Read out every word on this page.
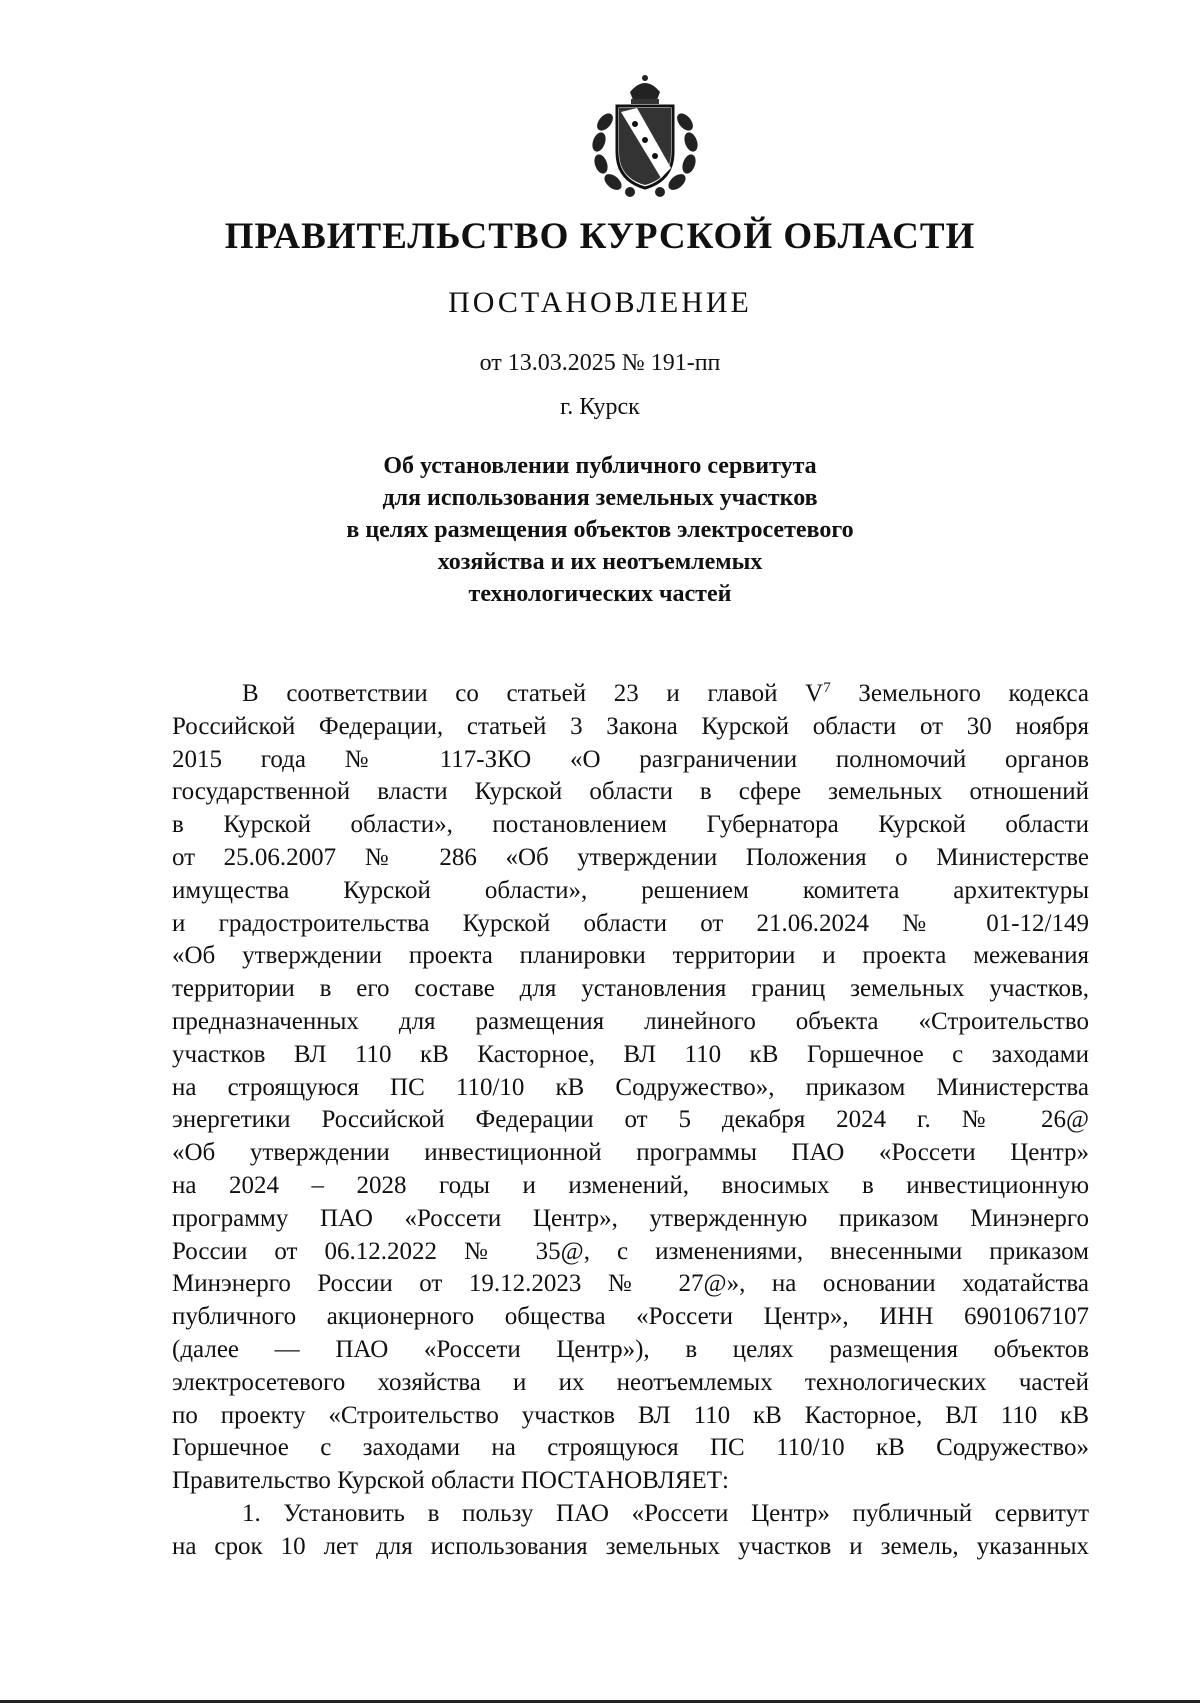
ПРАВИТЕЛЬСТВО КУРСКОЙ ОБЛАСТИ
ПОСТАНОВЛЕНИЕ
от 13.03.2025 № 191-пп
г. Курск
Об установлении публичного сервитута
для использования земельных участков
в целях размещения объектов электросетевого
хозяйства и их неотъемлемых
технологических частей
В соответствии со статьей 23 и главой $V^7$ Земельного кодекса
Российской Федерации, статьей 3 Закона Курской области от 30 ноября
2015 года № 117-ЗКО «О разграничении полномочий органов
государственной власти Курской области в сфере земельных отношений
в Курской области», постановлением Губернатора Курской области
от 25.06.2007 № 286 «Об утверждении Положения о Министерстве
имущества Курской области», решением комитета архитектуры
и градостроительства Курской области от 21.06.2024 № 01-12/149
«Об утверждении проекта планировки территории и проекта межевания
территории в его составе для установления границ земельных участков,
предназначенных для размещения линейного объекта «Строительство
участков ВЛ 110 кВ Касторное, ВЛ 110 кВ Горшечное с заходами
на строящуюся ПС 110/10 кВ Содружество», приказом Министерства
энергетики Российской Федерации от 5 декабря 2024 г. № 26@
«Об утверждении инвестиционной программы ПАО «Россети Центр»
на 2024 – 2028 годы и изменений, вносимых в инвестиционную
программу ПАО «Россети Центр», утвержденную приказом Минэнерго
России от 06.12.2022 № 35@, с изменениями, внесенными приказом
Минэнерго России от 19.12.2023 № 27@», на основании ходатайства
публичного акционерного общества «Россети Центр», ИНН 6901067107
(далее — ПАО «Россети Центр»), в целях размещения объектов
электросетевого хозяйства и их неотъемлемых технологических частей
по проекту «Строительство участков ВЛ 110 кВ Касторное, ВЛ 110 кВ
Горшечное с заходами на строящуюся ПС 110/10 кВ Содружество»
Правительство Курской области ПОСТАНОВЛЯЕТ:
1. Установить в пользу ПАО «Россети Центр» публичный сервитут
на срок 10 лет для использования земельных участков и земель, указанных
